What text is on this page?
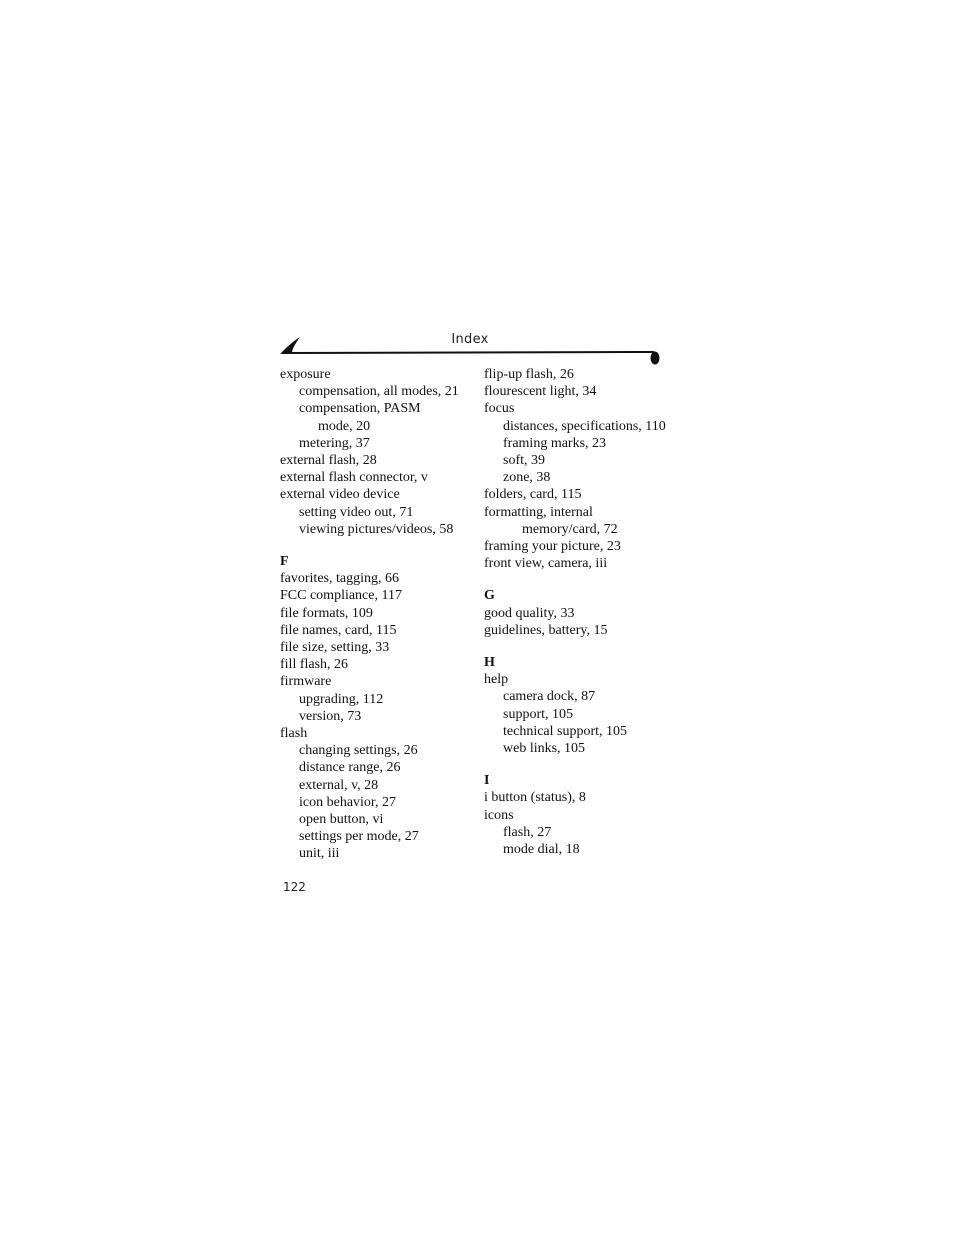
Index
exposure
compensation, all modes, 21
compensation, PASM
mode, 20
metering, 37
external flash, 28
external flash connector, v
external video device
setting video out, 71
viewing pictures/videos, 58
F
favorites, tagging, 66
FCC compliance, 117
file formats, 109
file names, card, 115
file size, setting, 33
fill flash, 26
firmware
upgrading, 112
version, 73
flash
changing settings, 26
distance range, 26
external, v, 28
icon behavior, 27
open button, vi
settings per mode, 27
unit, iii
flip-up flash, 26
flourescent light, 34
focus
distances, specifications, 110
framing marks, 23
soft, 39
zone, 38
folders, card, 115
formatting, internal
memory/card, 72
framing your picture, 23
front view, camera, iii
G
good quality, 33
guidelines, battery, 15
H
help
camera dock, 87
support, 105
technical support, 105
web links, 105
I
i button (status), 8
icons
flash, 27
mode dial, 18
122
